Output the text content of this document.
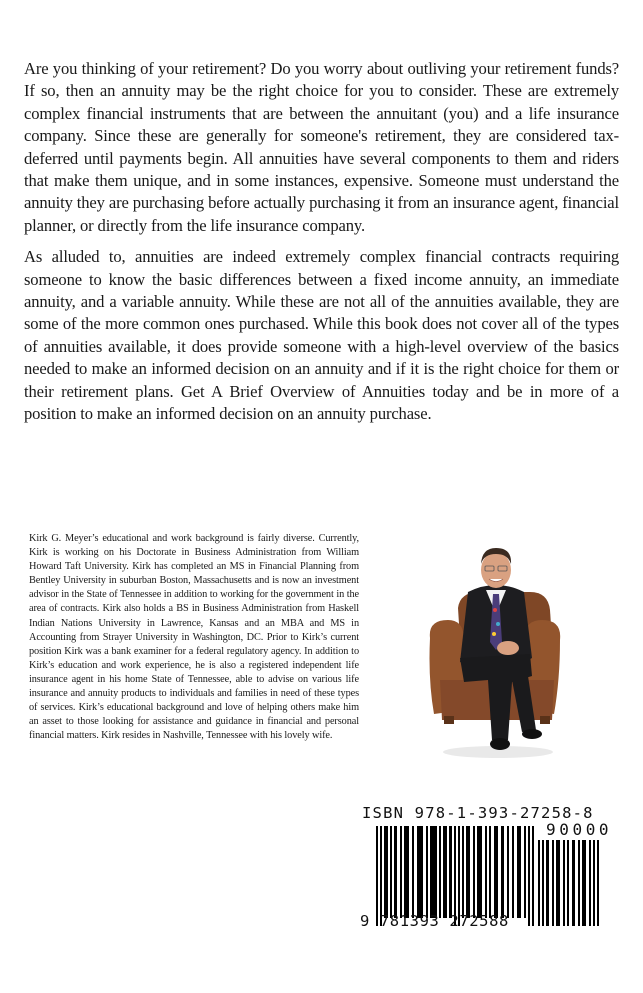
Are you thinking of your retirement? Do you worry about outliving your retirement funds? If so, then an annuity may be the right choice for you to consider. These are extremely complex financial instruments that are between the annuitant (you) and a life insurance company. Since these are generally for someone's retirement, they are considered tax-deferred until payments begin. All annuities have several components to them and riders that make them unique, and in some instances, expensive. Someone must understand the annuity they are purchasing before actually purchasing it from an insurance agent, financial planner, or directly from the life insurance company.

As alluded to, annuities are indeed extremely complex financial contracts requiring someone to know the basic differences between a fixed income annuity, an immediate annuity, and a variable annuity. While these are not all of the annuities available, they are some of the more common ones purchased. While this book does not cover all of the types of annuities available, it does provide someone with a high-level overview of the basics needed to make an informed decision on an annuity and if it is the right choice for them or their retirement plans. Get A Brief Overview of Annuities today and be in more of a position to make an informed decision on an annuity purchase.

Kirk G. Meyer’s educational and work background is fairly diverse. Currently, Kirk is working on his Doctorate in Business Administration from William Howard Taft University. Kirk has completed an MS in Financial Planning from Bentley University in suburban Boston, Massachusetts and is now an investment advisor in the State of Tennessee in addition to working for the government in the area of contracts. Kirk also holds a BS in Business Administration from Haskell Indian Nations University in Lawrence, Kansas and an MBA and MS in Accounting from Strayer University in Washington, DC. Prior to Kirk’s current position Kirk was a bank examiner for a federal regulatory agency. In addition to Kirk’s education and work experience, he is also a registered independent life insurance agent in his home State of Tennessee, able to advise on various life insurance and annuity products to individuals and families in need of these types of services. Kirk’s educational background and love of helping others make him an asset to those looking for assistance and guidance in financial and personal financial matters. Kirk resides in Nashville, Tennessee with his lovely wife.

ISBN 978-1-393-27258-8
90000
9 781393 272588
